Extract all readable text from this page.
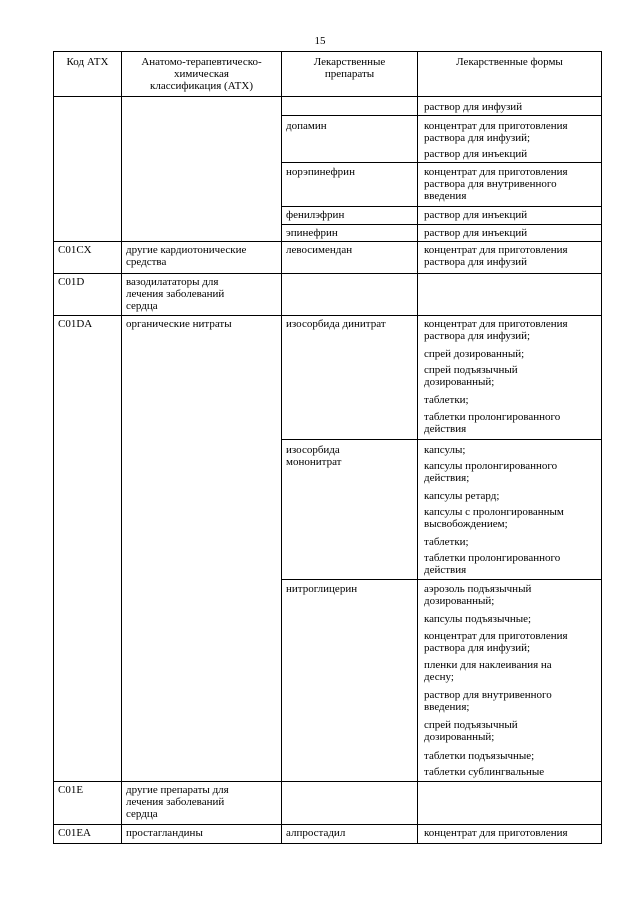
15
Код АТХ	Анатомо-терапевтическо-
химическая
классификация (АТХ)
Лекарственные
препараты
Лекарственные формы
C01CX
C01D
C01DA
C01E
C01EA
другие кардиотонические
средства
вазодилататоры для
лечения заболеваний
сердца
органические нитраты
другие препараты для
лечения заболеваний
сердца
простагландины
допамин
норэпинефрин
фенилэфрин
эпинефрин
левосимендан
изосорбида динитрат
изосорбида
мононитрат
нитроглицерин
алпростадил
раствор для инфузий
концентрат для приготовления
раствора для инфузий;
раствор для инъекций
концентрат для приготовления
раствора для внутривенного
введения
раствор для инъекций
раствор для инъекций
концентрат для приготовления
раствора для инфузий
концентрат для приготовления
раствора для инфузий;
спрей дозированный;
спрей подъязычный
дозированный;
таблетки;
таблетки пролонгированного
действия
капсулы;
капсулы пролонгированного
действия;
капсулы ретард;
капсулы с пролонгированным
высвобождением;
таблетки;
таблетки пролонгированного
действия
аэрозоль подъязычный
дозированный;
капсулы подъязычные;
концентрат для приготовления
раствора для инфузий;
пленки для наклеивания на
десну;
раствор для внутривенного
введения;
спрей подъязычный
дозированный;
таблетки подъязычные;
таблетки сублингвальные
концентрат для приготовления
